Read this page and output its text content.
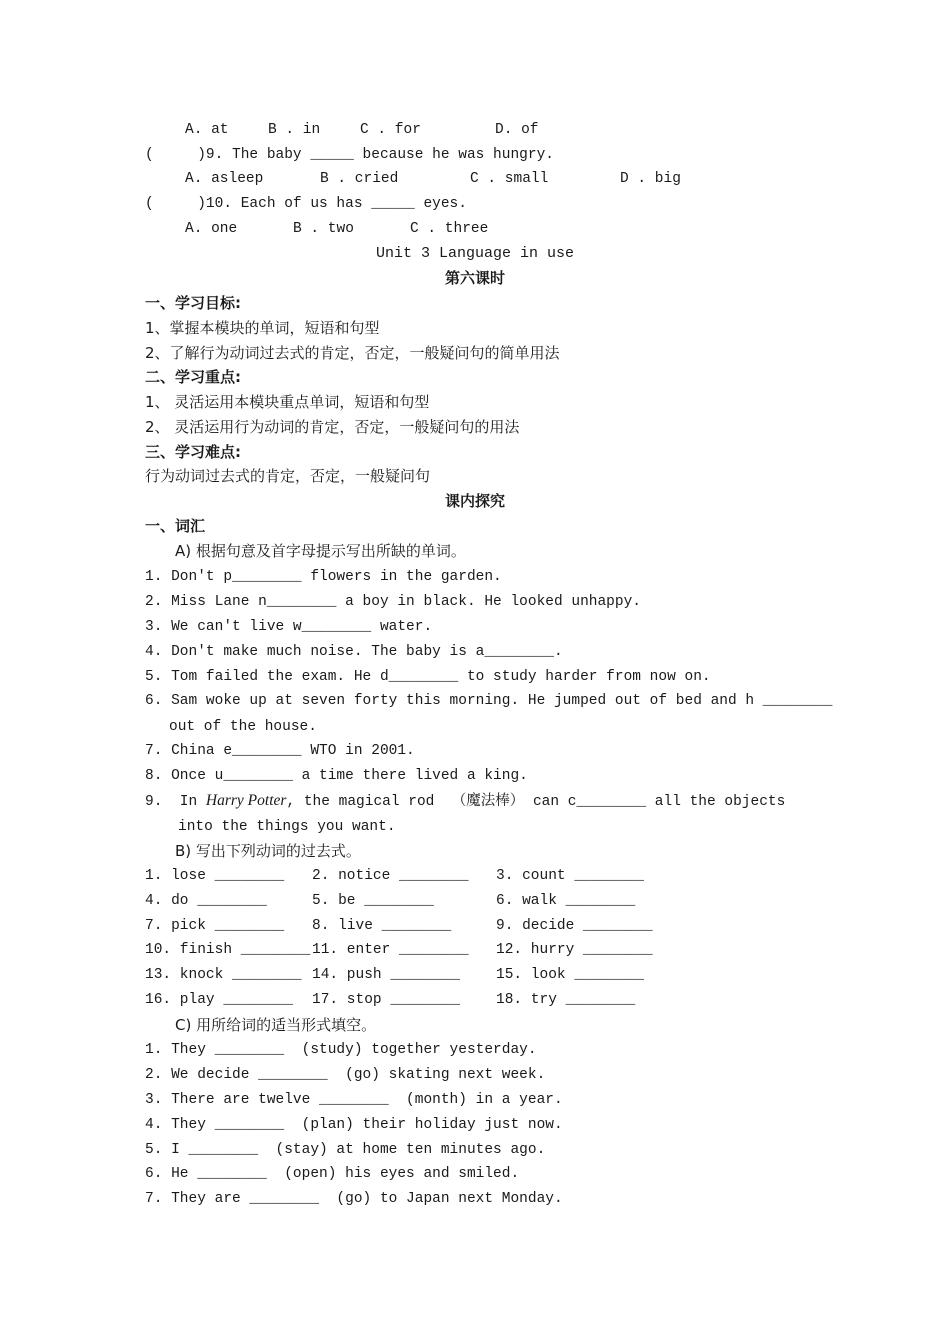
A. at	B . in	C . for	D. of
(     )9. The baby _____ because he was hungry.
A. asleep	B . cried	C . small	D . big
(     )10. Each of us has _____ eyes.
A. one	B . two	C . three
Unit 3 Language in use
第六课时
一、学习目标:
1、掌握本模块的单词，短语和句型
2、了解行为动词过去式的肯定，否定，一般疑问句的简单用法
二、学习重点:
1、 灵活运用本模块重点单词，短语和句型
2、 灵活运用行为动词的肯定，否定，一般疑问句的用法
三、学习难点:
行为动词过去式的肯定，否定，一般疑问句
课内探究
一、词汇
A) 根据句意及首字母提示写出所缺的单词。
1. Don't p________ flowers in the garden.
2. Miss Lane n________ a boy in black. He looked unhappy.
3. We can't live w________ water.
4. Don't make much noise. The baby is a________.
5. Tom failed the exam. He d________ to study harder from now on.
6. Sam woke up at seven forty this morning. He jumped out of bed and h ________
out of the house.
7. China e________ WTO in 2001.
8. Once u________ a time there lived a king.
9.  In Harry Potter, the magical rod  （魔法棒） can c________ all the objects
into the things you want.
B) 写出下列动词的过去式。
1. lose ________ 2. notice ________ 3. count ________
4. do ________	5. be ________	6. walk ________
7. pick ________ 8. live ________	9. decide ________
10. finish ________ 11. enter ________ 12. hurry ________
13. knock ________ 14. push ________ 15. look ________
16. play ________ 17. stop ________ 18. try ________
C) 用所给词的适当形式填空。
1. They ________  (study) together yesterday.
2. We decide ________  (go) skating next week.
3. There are twelve ________  (month) in a year.
4. They ________  (plan) their holiday just now.
5. I ________  (stay) at home ten minutes ago.
6. He ________  (open) his eyes and smiled.
7. They are ________  (go) to Japan next Monday.
